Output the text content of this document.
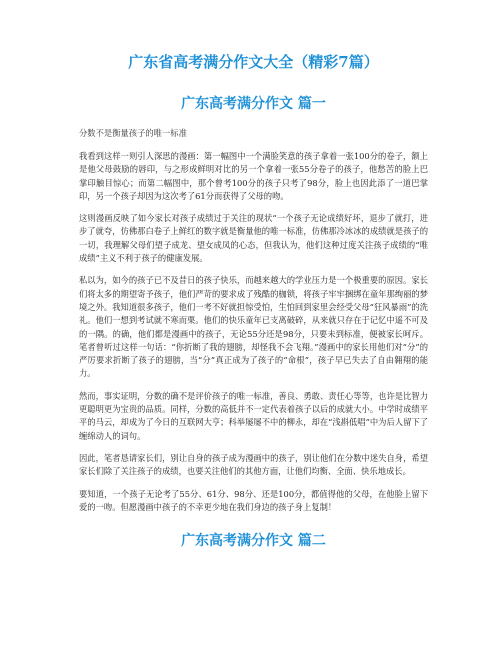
广东省高考满分作文大全（精彩7篇）
广东高考满分作文 篇一

分数不是衡量孩子的唯一标准

我看到这样一则引人深思的漫画：第一幅图中一个满脸笑意的孩子拿着一张100分的卷子，额上是他父母鼓励的唇印，与之形成鲜明对比的另一个拿着一张55分卷子的孩子，他愁苦的脸上巴掌印触目惊心；而第二幅图中，那个曾考100分的孩子只考了98分，脸上也因此添了一道巴掌印，另一个孩子却因为这次考了61分而获得了父母的吻。

这则漫画反映了如今家长对孩子成绩过于关注的现状“一个孩子无论成绩好坏，退步了就打，进步了就夸，仿佛那白卷子上鲜红的数字就是衡量他的唯一标准，仿佛那冷冰冰的成绩就是孩子的一切，我理解父母们望子成龙、望女成凤的心态，但我认为，他们这种过度关注孩子成绩的“唯成绩”主义不利于孩子的健康发展。

私以为，如今的孩子已不及昔日的孩子快乐，而越来越大的学业压力是一个极重要的原因。家长们将太多的期望寄予孩子，他们严苛的要求成了残酷的枷锁，将孩子牢牢捆绑在童年那绚丽的梦境之外。我知道很多孩子，他们一考不好就担惊受怕，生怕回到家里会经受父母“狂风暴雨”的洗礼。他们一想到考试就不寒而栗。他们的快乐童年已支离破碎，从来就只存在于记忆中遥不可及的一隅。的确，他们都是漫画中的孩子，无论55分还是98分，只要未到标准，便被家长呵斥。笔者曾听过这样一句话：“你折断了我的翅膀，却怪我不会飞翔。”漫画中的家长用他们对“分”的严厉要求折断了孩子的翅膀，当“分”真正成为了孩子的“命根”，孩子早已失去了自由翱翔的能力。

然而，事实证明，分数的确不是评价孩子的唯一标准，善良、勇敢、责任心等等，也许是比智力更聪明更为宝贵的品质。同样，分数的高低并不一定代表着孩子以后的成就大小。中学时成绩平平的马云，却成为了今日的互联网大亨；科举屡屡不中的柳永，却在“浅斟低唱”中为后人留下了缠绵动人的词句。

因此，笔者恳请家长们，别让自身的孩子成为漫画中的孩子，别让他们在分数中迷失自身，希望家长们除了关注孩子的成绩，也要关注他们的其他方面，让他们均衡、全面、快乐地成长。

要知道，一个孩子无论考了55分、61分、98分、还是100分，都值得他的父母，在他脸上留下爱的一吻。但愿漫画中孩子的不幸更少地在我们身边的孩子身上复制！

广东高考满分作文 篇二
